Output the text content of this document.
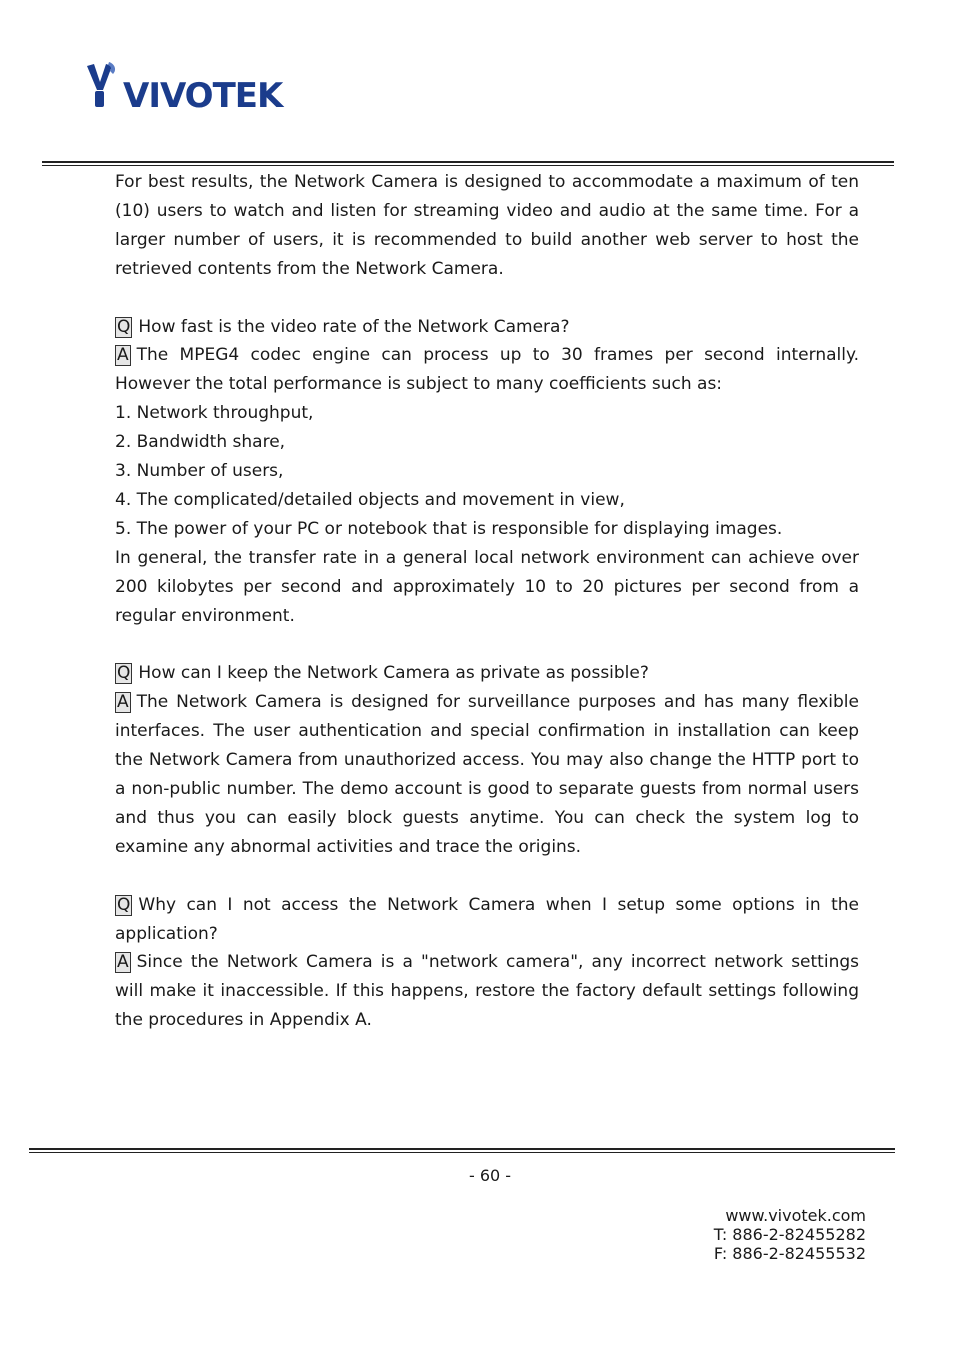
VIVOTEK

For best results, the Network Camera is designed to accommodate a maximum of ten (10) users to watch and listen for streaming video and audio at the same time. For a larger number of users, it is recommended to build another web server to host the retrieved contents from the Network Camera.

Q How fast is the video rate of the Network Camera?

A The MPEG4 codec engine can process up to 30 frames per second internally. However the total performance is subject to many coefficients such as:

1. Network throughput,

2. Bandwidth share,

3. Number of users,

4. The complicated/detailed objects and movement in view,

5. The power of your PC or notebook that is responsible for displaying images.

In general, the transfer rate in a general local network environment can achieve over 200 kilobytes per second and approximately 10 to 20 pictures per second from a regular environment.

Q How can I keep the Network Camera as private as possible?

A The Network Camera is designed for surveillance purposes and has many flexible interfaces. The user authentication and special confirmation in installation can keep the Network Camera from unauthorized access. You may also change the HTTP port to a non-public number. The demo account is good to separate guests from normal users and thus you can easily block guests anytime. You can check the system log to examine any abnormal activities and trace the origins.

Q Why can I not access the Network Camera when I setup some options in the application?

A Since the Network Camera is a "network camera", any incorrect network settings will make it inaccessible. If this happens, restore the factory default settings following the procedures in Appendix A.

- 60 -
www.vivotek.com
T: 886-2-82455282
F: 886-2-82455532
